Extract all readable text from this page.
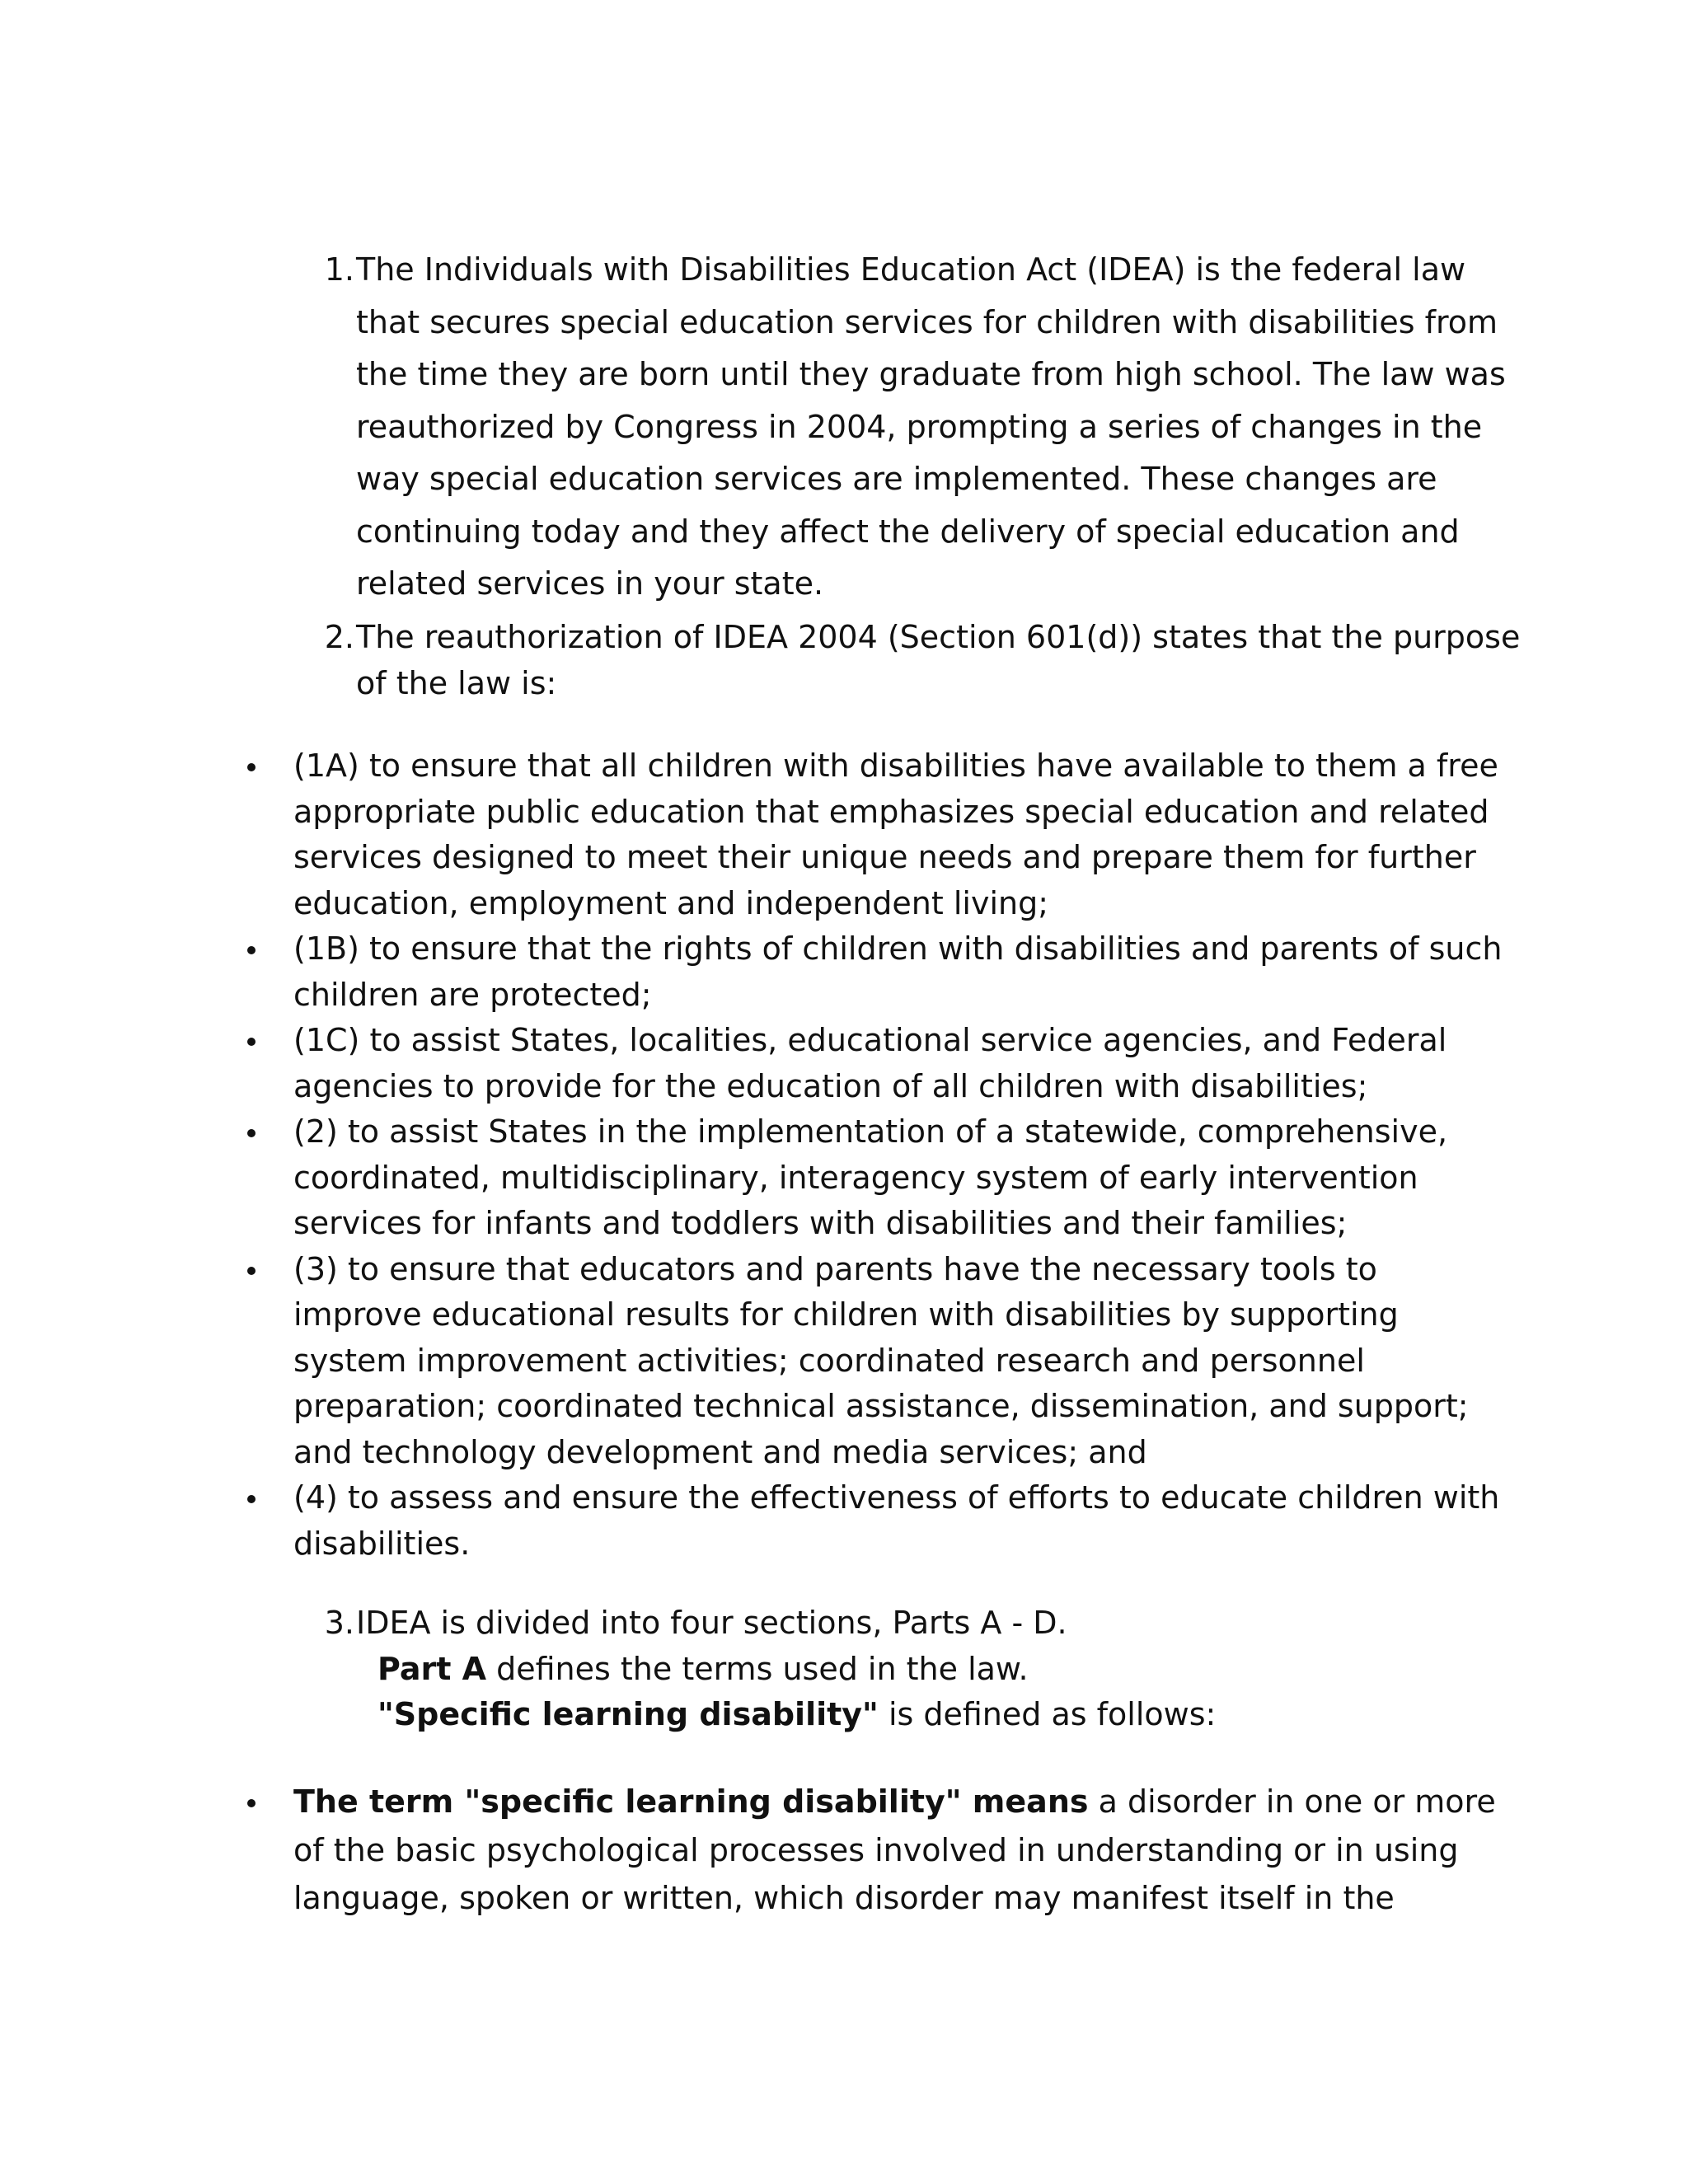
1. The Individuals with Disabilities Education Act (IDEA) is the federal law that secures special education services for children with disabilities from the time they are born until they graduate from high school. The law was reauthorized by Congress in 2004, prompting a series of changes in the way special education services are implemented. These changes are continuing today and they affect the delivery of special education and related services in your state.
2. The reauthorization of IDEA 2004 (Section 601(d)) states that the purpose of the law is:
(1A) to ensure that all children with disabilities have available to them a free appropriate public education that emphasizes special education and related services designed to meet their unique needs and prepare them for further education, employment and independent living;
(1B) to ensure that the rights of children with disabilities and parents of such children are protected;
(1C) to assist States, localities, educational service agencies, and Federal agencies to provide for the education of all children with disabilities;
(2) to assist States in the implementation of a statewide, comprehensive, coordinated, multidisciplinary, interagency system of early intervention services for infants and toddlers with disabilities and their families;
(3) to ensure that educators and parents have the necessary tools to improve educational results for children with disabilities by supporting system improvement activities; coordinated research and personnel preparation; coordinated technical assistance, dissemination, and support; and technology development and media services; and
(4) to assess and ensure the effectiveness of efforts to educate children with disabilities.
3. IDEA is divided into four sections, Parts A - D.
Part A defines the terms used in the law.
"Specific learning disability" is defined as follows:
The term "specific learning disability" means a disorder in one or more of the basic psychological processes involved in understanding or in using language, spoken or written, which disorder may manifest itself in the
